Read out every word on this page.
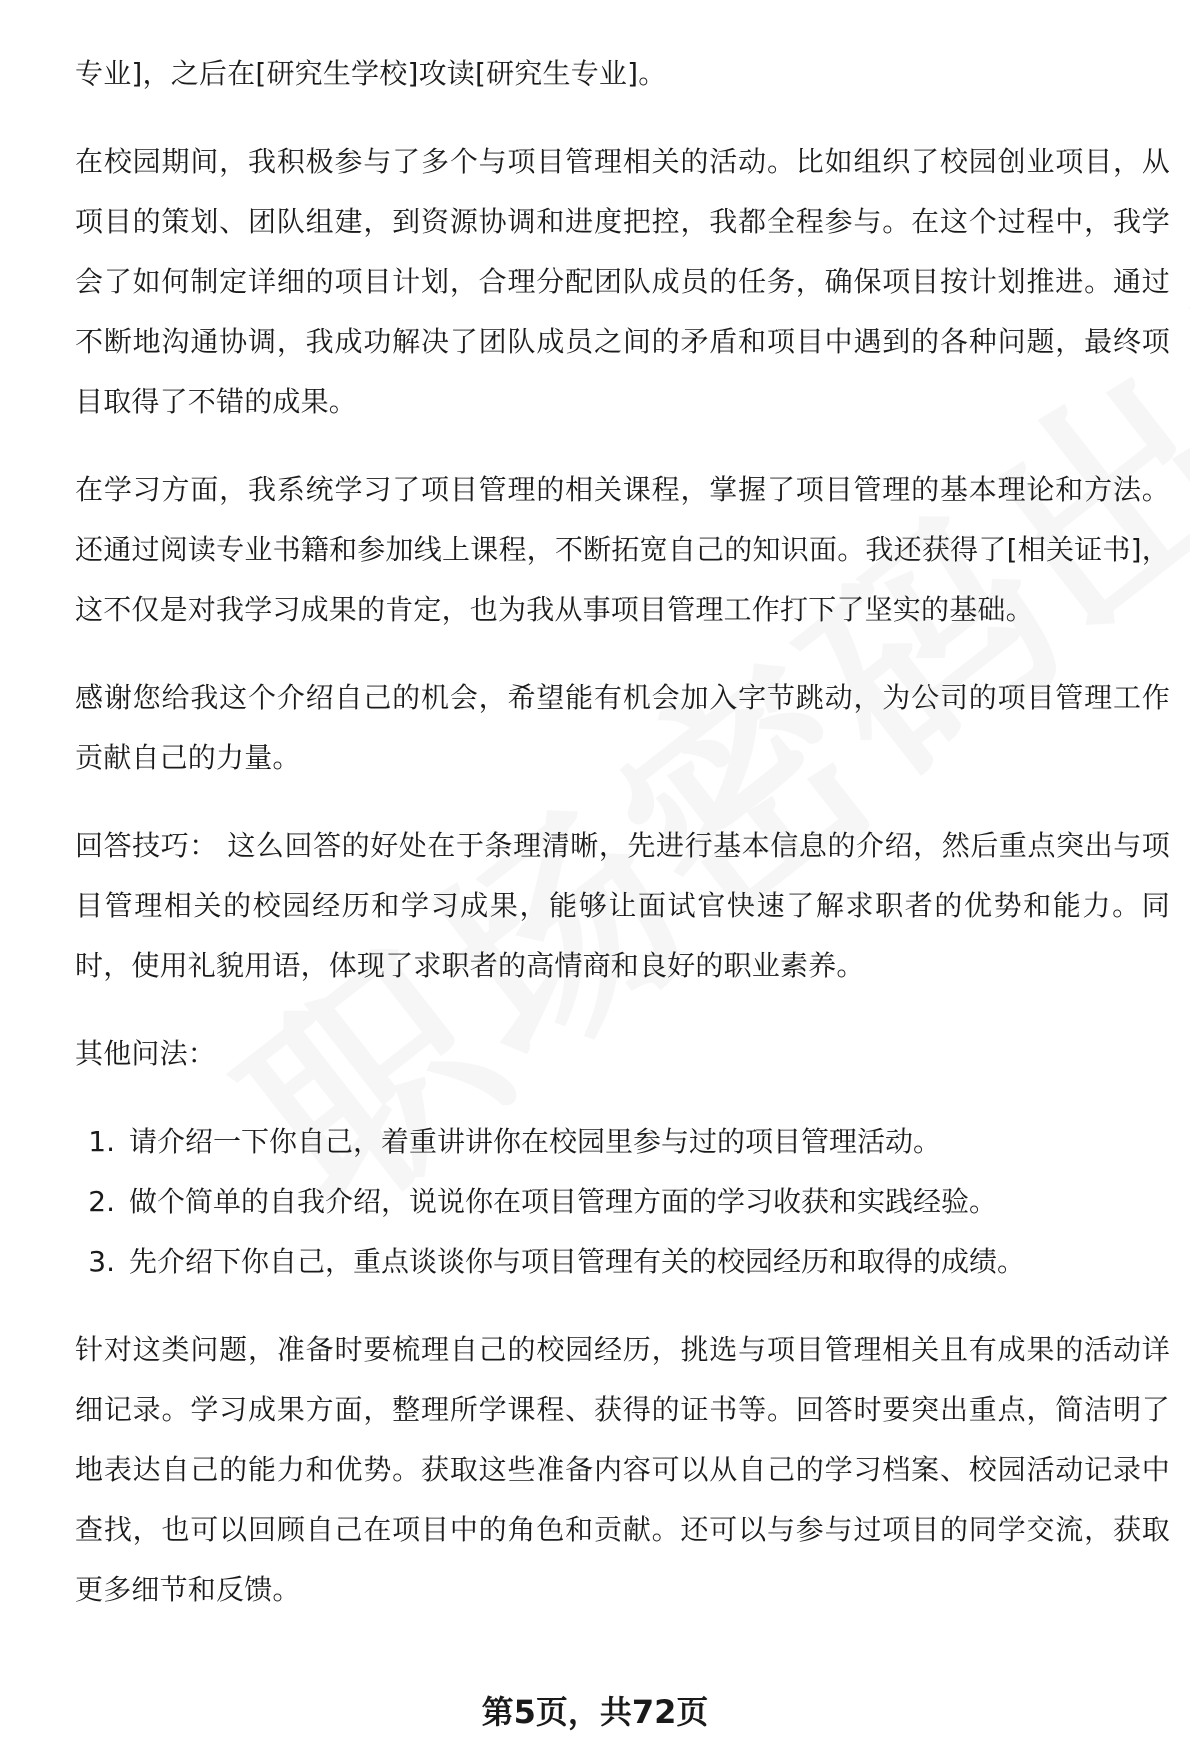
专业]，之后在[研究生学校]攻读[研究生专业]。

在校园期间，我积极参与了多个与项目管理相关的活动。比如组织了校园创业项目，从项目的策划、团队组建，到资源协调和进度把控，我都全程参与。在这个过程中，我学会了如何制定详细的项目计划，合理分配团队成员的任务，确保项目按计划推进。通过不断地沟通协调，我成功解决了团队成员之间的矛盾和项目中遇到的各种问题，最终项目取得了不错的成果。

在学习方面，我系统学习了项目管理的相关课程，掌握了项目管理的基本理论和方法。还通过阅读专业书籍和参加线上课程，不断拓宽自己的知识面。我还获得了[相关证书]，这不仅是对我学习成果的肯定，也为我从事项目管理工作打下了坚实的基础。

感谢您给我这个介绍自己的机会，希望能有机会加入字节跳动，为公司的项目管理工作贡献自己的力量。

回答技巧： 这么回答的好处在于条理清晰，先进行基本信息的介绍，然后重点突出与项目管理相关的校园经历和学习成果，能够让面试官快速了解求职者的优势和能力。同时，使用礼貌用语，体现了求职者的高情商和良好的职业素养。

其他问法：

1. 请介绍一下你自己，着重讲讲你在校园里参与过的项目管理活动。
2. 做个简单的自我介绍，说说你在项目管理方面的学习收获和实践经验。
3. 先介绍下你自己，重点谈谈你与项目管理有关的校园经历和取得的成绩。

针对这类问题，准备时要梳理自己的校园经历，挑选与项目管理相关且有成果的活动详细记录。学习成果方面，整理所学课程、获得的证书等。回答时要突出重点，简洁明了地表达自己的能力和优势。获取这些准备内容可以从自己的学习档案、校园活动记录中查找，也可以回顾自己在项目中的角色和贡献。还可以与参与过项目的同学交流，获取更多细节和反馈。

第5页，共72页
